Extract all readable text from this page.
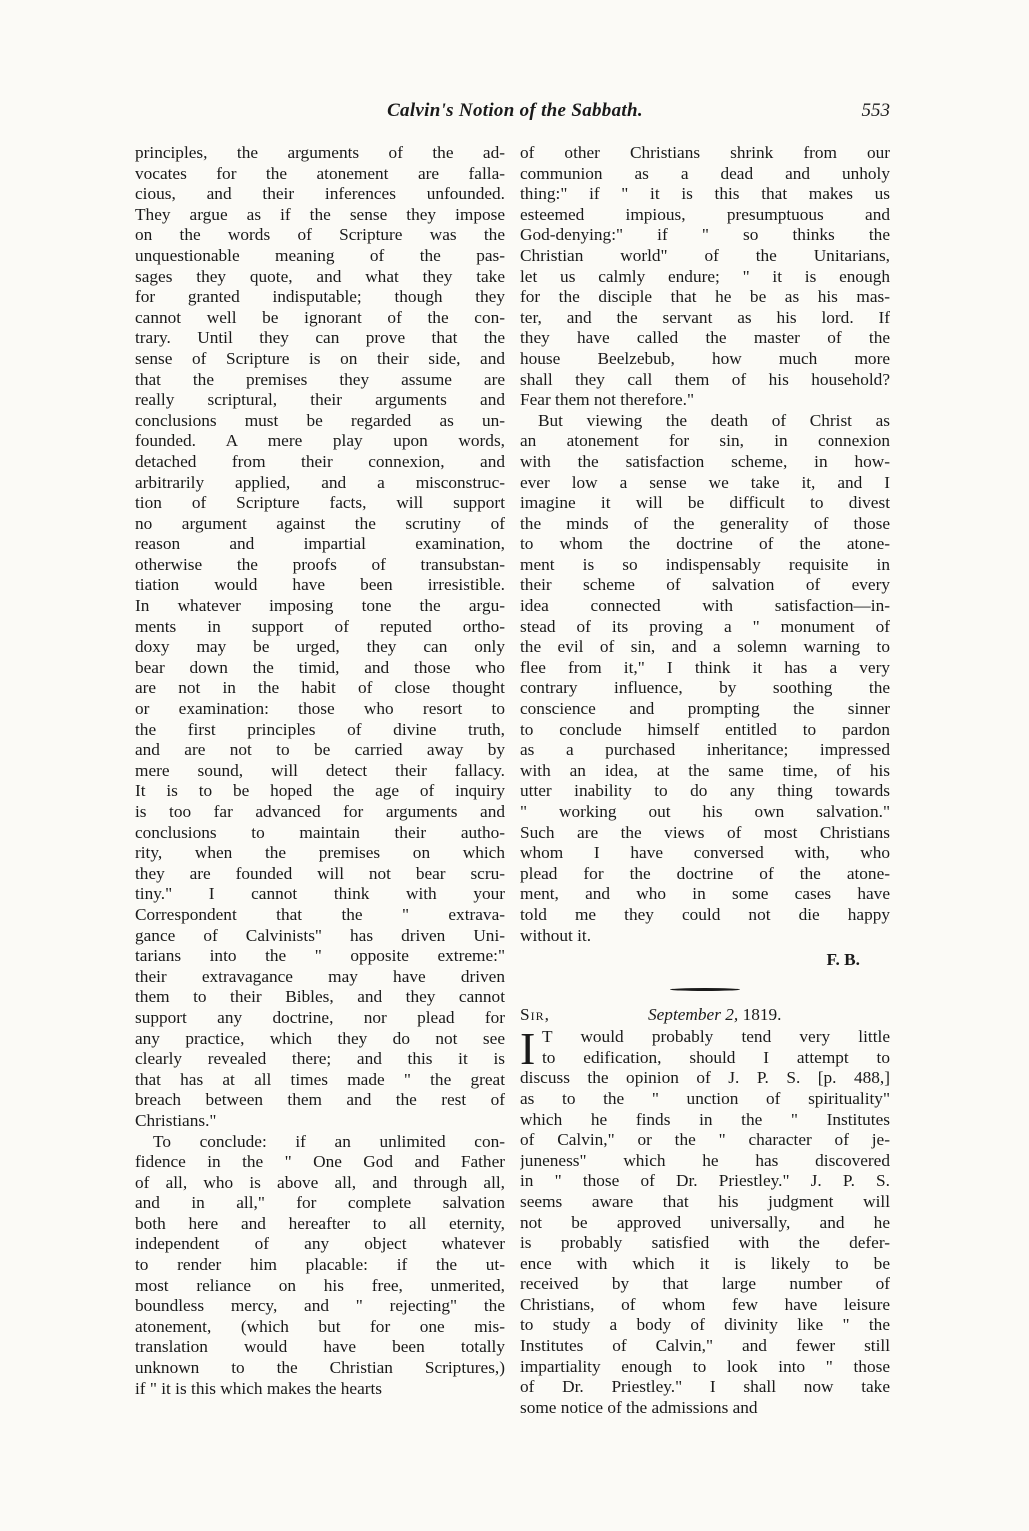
Calvin's Notion of the Sabbath.	553
principles, the arguments of the ad-
vocates for the atonement are falla-
cious, and their inferences unfounded.
They argue as if the sense they impose
on the words of Scripture was the
unquestionable meaning of the pas-
sages they quote, and what they take
for granted indisputable; though they
cannot well be ignorant of the con-
trary. Until they can prove that the
sense of Scripture is on their side, and
that the premises they assume are
really scriptural, their arguments and
conclusions must be regarded as un-
founded. A mere play upon words,
detached from their connexion, and
arbitrarily applied, and a misconstruc-
tion of Scripture facts, will support
no argument against the scrutiny of
reason and impartial examination,
otherwise the proofs of transubstan-
tiation would have been irresistible.
In whatever imposing tone the argu-
ments in support of reputed ortho-
doxy may be urged, they can only
bear down the timid, and those who
are not in the habit of close thought
or examination: those who resort to
the first principles of divine truth,
and are not to be carried away by
mere sound, will detect their fallacy.
It is to be hoped the age of inquiry
is too far advanced for arguments and
conclusions to maintain their autho-
rity, when the premises on which
they are founded will not bear scru-
tiny." I cannot think with your
Correspondent that the " extrava-
gance of Calvinists" has driven Uni-
tarians into the " opposite extreme:"
their extravagance may have driven
them to their Bibles, and they cannot
support any doctrine, nor plead for
any practice, which they do not see
clearly revealed there; and this it is
that has at all times made " the great
breach between them and the rest of
Christians."
To conclude: if an unlimited con-
fidence in the " One God and Father
of all, who is above all, and through all,
and in all," for complete salvation
both here and hereafter to all eternity,
independent of any object whatever
to render him placable: if the ut-
most reliance on his free, unmerited,
boundless mercy, and " rejecting" the
atonement, (which but for one mis-
translation would have been totally
unknown to the Christian Scriptures,)
if " it is this which makes the hearts
of other Christians shrink from our
communion as a dead and unholy
thing:" if " it is this that makes us
esteemed impious, presumptuous and
God-denying:" if " so thinks the
Christian world" of the Unitarians,
let us calmly endure; " it is enough
for the disciple that he be as his mas-
ter, and the servant as his lord. If
they have called the master of the
house Beelzebub, how much more
shall they call them of his household?
Fear them not therefore."
But viewing the death of Christ as
an atonement for sin, in connexion
with the satisfaction scheme, in how-
ever low a sense we take it, and I
imagine it will be difficult to divest
the minds of the generality of those
to whom the doctrine of the atone-
ment is so indispensably requisite in
their scheme of salvation of every
idea connected with satisfaction—in-
stead of its proving a " monument of
the evil of sin, and a solemn warning to
flee from it," I think it has a very
contrary influence, by soothing the
conscience and prompting the sinner
to conclude himself entitled to pardon
as a purchased inheritance; impressed
with an idea, at the same time, of his
utter inability to do any thing towards
" working out his own salvation."
Such are the views of most Christians
whom I have conversed with, who
plead for the doctrine of the atone-
ment, and who in some cases have
told me they could not die happy
without it.
F. B.
Sir,	September 2, 1819.
I T would probably tend very little
to edification, should I attempt to
discuss the opinion of J. P. S. [p. 488,]
as to the " unction of spirituality"
which he finds in the " Institutes
of Calvin," or the " character of je-
juneness" which he has discovered
in " those of Dr. Priestley." J. P. S.
seems aware that his judgment will
not be approved universally, and he
is probably satisfied with the defer-
ence with which it is likely to be
received by that large number of
Christians, of whom few have leisure
to study a body of divinity like " the
Institutes of Calvin," and fewer still
impartiality enough to look into " those
of Dr. Priestley." I shall now take
some notice of the admissions and
